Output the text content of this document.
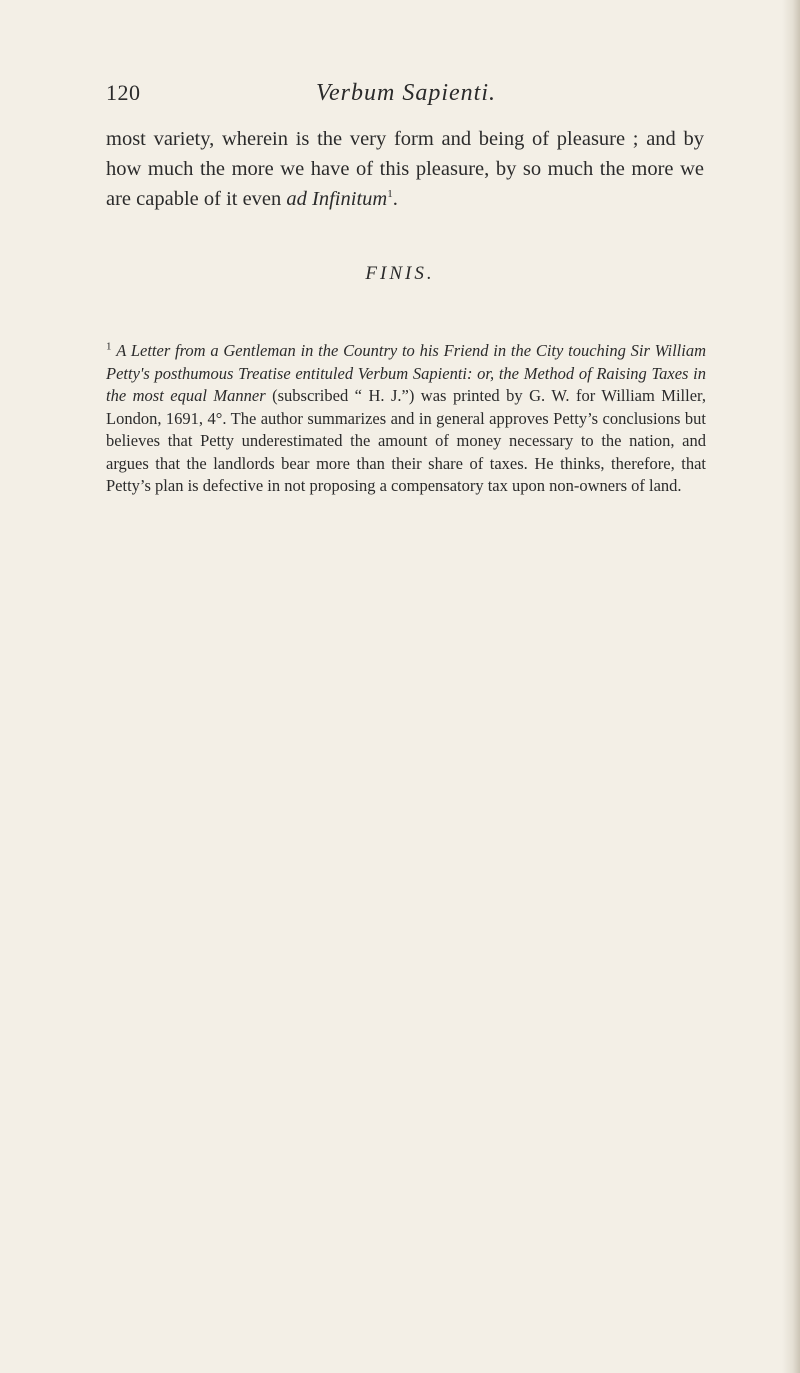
120	Verbum Sapienti.

most variety, wherein is the very form and being of pleasure ; and by how much the more we have of this pleasure, by so much the more we are capable of it even ad Infinitum$^1$.

FINIS.

$^1$ A Letter from a Gentleman in the Country to his Friend in the City touching Sir William Petty's posthumous Treatise entituled Verbum Sapienti: or, the Method of Raising Taxes in the most equal Manner (subscribed “ H. J.”) was printed by G. W. for William Miller, London, 1691, 4°. The author summarizes and in general approves Petty’s conclusions but believes that Petty underestimated the amount of money necessary to the nation, and argues that the landlords bear more than their share of taxes. He thinks, therefore, that Petty’s plan is defective in not proposing a compensatory tax upon non-owners of land.
